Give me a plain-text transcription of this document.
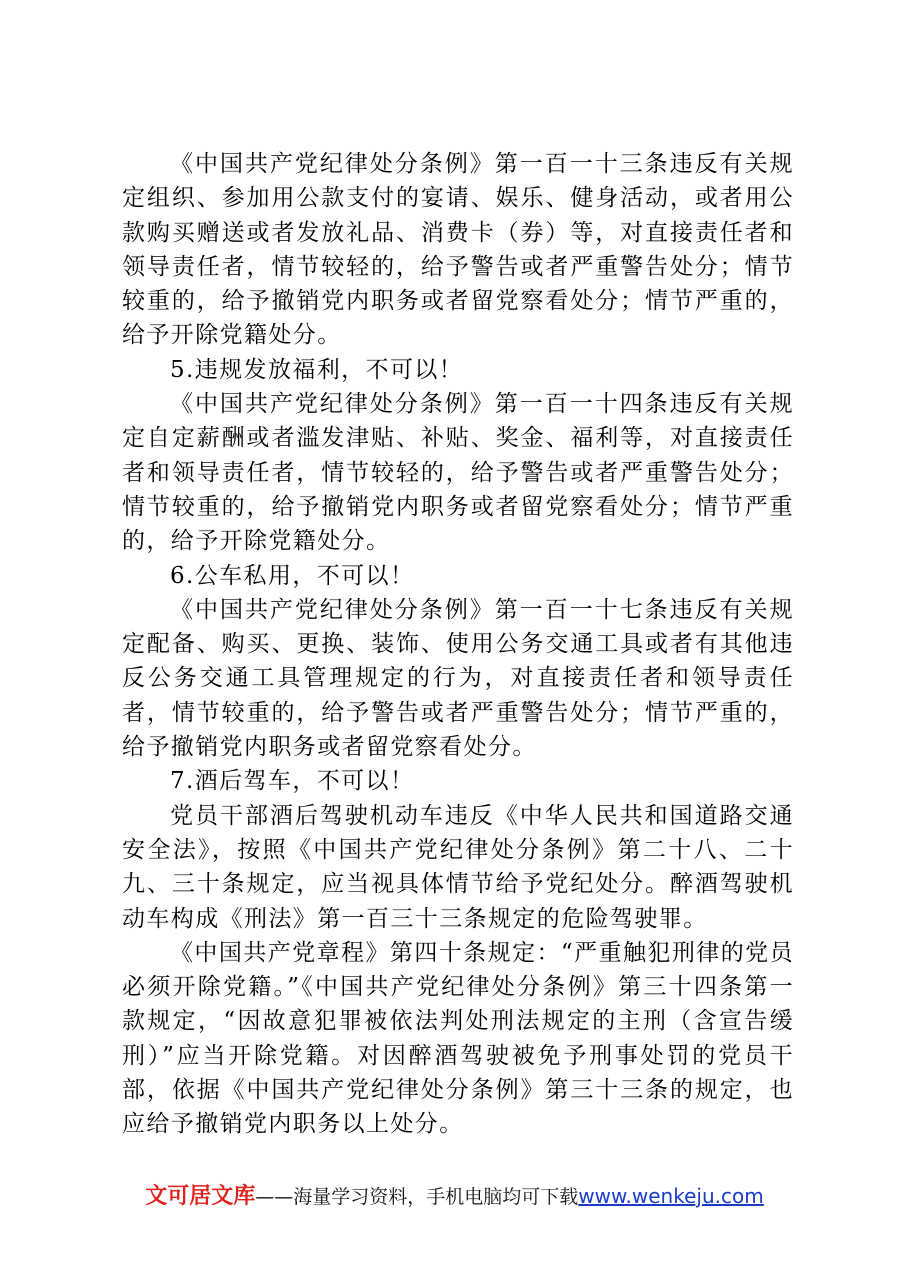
《中国共产党纪律处分条例》第一百一十三条违反有关规定组织、参加用公款支付的宴请、娱乐、健身活动，或者用公款购买赠送或者发放礼品、消费卡（券）等，对直接责任者和领导责任者，情节较轻的，给予警告或者严重警告处分；情节较重的，给予撤销党内职务或者留党察看处分；情节严重的，给予开除党籍处分。

5.违规发放福利，不可以！

《中国共产党纪律处分条例》第一百一十四条违反有关规定自定薪酬或者滥发津贴、补贴、奖金、福利等，对直接责任者和领导责任者，情节较轻的，给予警告或者严重警告处分；情节较重的，给予撤销党内职务或者留党察看处分；情节严重的，给予开除党籍处分。

6.公车私用，不可以！

《中国共产党纪律处分条例》第一百一十七条违反有关规定配备、购买、更换、装饰、使用公务交通工具或者有其他违反公务交通工具管理规定的行为，对直接责任者和领导责任者，情节较重的，给予警告或者严重警告处分；情节严重的，给予撤销党内职务或者留党察看处分。

7.酒后驾车，不可以！

党员干部酒后驾驶机动车违反《中华人民共和国道路交通安全法》，按照《中国共产党纪律处分条例》第二十八、二十九、三十条规定，应当视具体情节给予党纪处分。醉酒驾驶机动车构成《刑法》第一百三十三条规定的危险驾驶罪。

《中国共产党章程》第四十条规定：“严重触犯刑律的党员必须开除党籍。”《中国共产党纪律处分条例》第三十四条第一款规定，“因故意犯罪被依法判处刑法规定的主刑（含宣告缓刑）”应当开除党籍。对因醉酒驾驶被免予刑事处罚的党员干部，依据《中国共产党纪律处分条例》第三十三条的规定，也应给予撤销党内职务以上处分。

文可居文库——海量学习资料，手机电脑均可下载www.wenkeju.com
